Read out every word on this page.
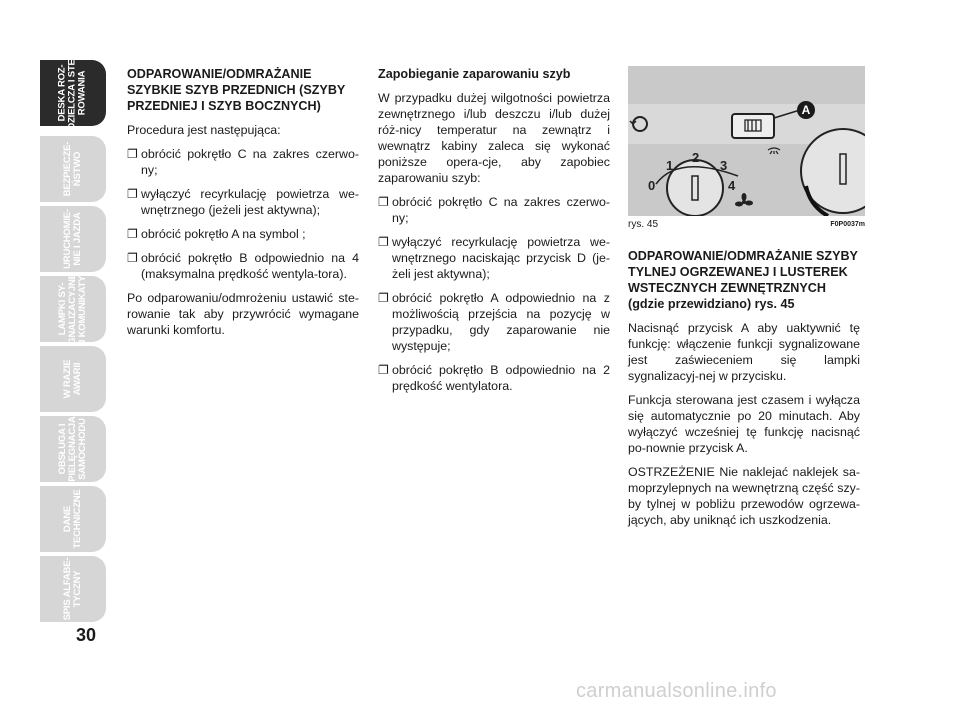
DESKA ROZ-
DZIELCZA I STE-
ROWANIA
BEZPIECZE-
ŃSTWO
URUCHOMIE-
NIE I JAZDA
LAMPKI SY-
GNALIZACYJNE
I KOMUNIKATY
W RAZIE
AWARII
OBSŁUGA I
PIELĘGNACJA
SAMOCHODU
DANE
TECHNICZNE
SPIS ALFABE-
TYCZNY
30
ODPAROWANIE/ODMRAŻANIE SZYBKIE SZYB PRZEDNICH (SZYBY PRZEDNIEJ I SZYB BOCZNYCH)

Procedura jest następująca:

❐ obrócić pokrętło C na zakres czerwo-ny;
❐ wyłączyć recyrkulację powietrza we-wnętrznego (jeżeli jest aktywna);
❐ obrócić pokrętło A na symbol ;
❐ obrócić pokrętło B odpowiednio na 4 (maksymalna prędkość wentyla-tora).

Po odparowaniu/odmrożeniu ustawić ste-rowanie tak aby przywrócić wymagane warunki komfortu.

Zapobieganie zaparowaniu szyb

W przypadku dużej wilgotności powietrza zewnętrznego i/lub deszczu i/lub dużej róż-nicy temperatur na zewnątrz i wewnątrz kabiny zaleca się wykonać poniższe opera-cje, aby zapobiec zaparowaniu szyb:

❐ obrócić pokrętło C na zakres czerwo-ny;
❐ wyłączyć recyrkulację powietrza we-wnętrznego naciskając przycisk D (je-żeli jest aktywna);
❐ obrócić pokrętło A odpowiednio na z możliwością przejścia na pozycję w przypadku, gdy zaparowanie nie występuje;
❐ obrócić pokrętło B odpowiednio na 2 prędkość wentylatora.
A
0
1
2
3
4
rys. 45	F0P0037m
ODPAROWANIE/ODMRAŻANIE SZYBY TYLNEJ OGRZEWANEJ I LUSTEREK WSTECZNYCH ZEWNĘTRZNYCH (gdzie przewidziano) rys. 45

Nacisnąć przycisk A aby uaktywnić tę funkcję: włączenie funkcji sygnalizowane jest zaświeceniem się lampki sygnalizacyj-nej w przycisku.

Funkcja sterowana jest czasem i wyłącza się automatycznie po 20 minutach. Aby wyłączyć wcześniej tę funkcję nacisnąć po-nownie przycisk A.

OSTRZEŻENIE Nie naklejać naklejek sa-moprzylepnych na wewnętrzną część szy-by tylnej w pobliżu przewodów ogrzewa-jących, aby uniknąć ich uszkodzenia.

carmanualsonline.info
